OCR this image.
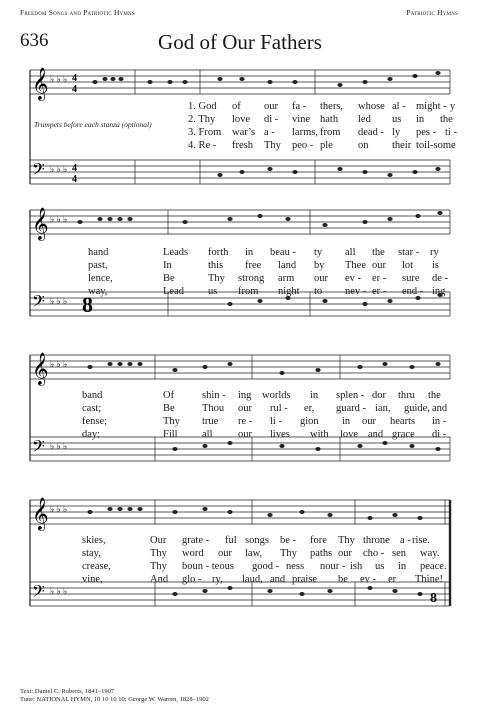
Freedom Songs and Patriotic Hymns	Patriotic Hymns
636	God of Our Fathers
𝄞
𝄢
♭ ♭ ♭
♭ ♭ ♭
4
4
4
4
Trumpets before each stanza (optional)
1. God of our fa - thers, whose al - might - y
2. Thy love di - vine hath led us in the
3. From war’s a - larms, from dead - ly pes - ti -
4. Re - fresh Thy peo - ple on their toil-some
𝄞
𝄢
♭ ♭ ♭
♭ ♭ ♭ 8
hand	Leads forth in beau - ty all the star - ry
past,	In	this free land by Thee our lot is
lence,	Be	Thy strong arm our ev - er - sure de -
way,	Lead us from night to nev - er - end - ing
𝄞
𝄢
♭ ♭ ♭
♭ ♭ ♭
band	Of	shin - ing worlds in splen - dor thru the
cast;	Be	Thou our rul - er, guard - ian, guide, and
fense;	Thy true re - li - gion in our hearts in -
day;	Fill all our lives with love and grace di -
𝄞
𝄢
♭ ♭ ♭
♭ ♭ ♭	8
skies,	Our grate - ful songs be - fore Thy throne a - rise.
stay,	Thy word our law, Thy paths our cho - sen way.
crease,	Thy boun - teous good - ness nour - ish us in peace.
vine,	And glo - ry, laud, and praise be ev - er Thine!
Text: Daniel C. Roberts, 1841–1907
Tune: NATIONAL HYMN, 10 10 10 10; George W. Warren, 1828–1902
